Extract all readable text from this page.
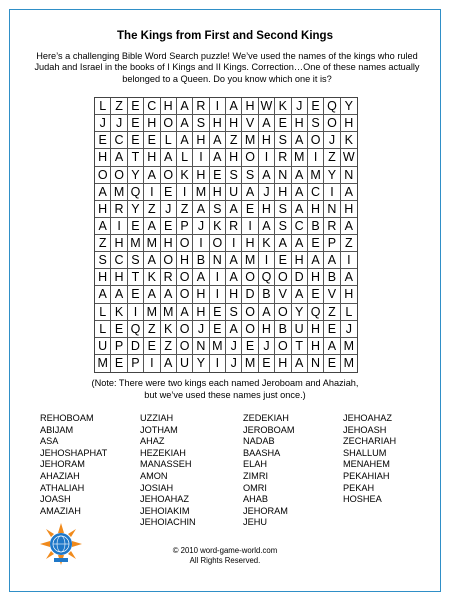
The Kings from First and Second Kings
Here’s a challenging Bible Word Search puzzle! We’ve used the names of the kings who ruled Judah and Israel in the books of I Kings and II Kings. Correction…One of these names actually belonged to a Queen. Do you know which one it is?
L Z E C H A R I A H W K J E Q Y
J J E H O A S H H V A E H S O H
E C E E L A H A Z M H S A O J K
H A T H A L I A H O I R M I Z W
O O Y A O K H E S S A N A M Y N
A M Q I E I M H U A J H A C I A
H R Y Z J Z A S A E H S A H N H
A I E A E P J K R I A S C B R A
Z H M M H O I O I H K A A E P Z
S C S A O H B N A M I E H A A I
H H T K R O A I A O Q O D H B A
A A E A A O H I H D B V A E V H
L K I M M A H E S O A O Y Q Z L
L E Q Z K O J E A O H B U H E J
U P D E Z O N M J E J O T H A M
M E P I A U Y I J M E H A N E M
(Note: There were two kings each named Jeroboam and Ahaziah,
but we’ve used these names just once.)
REHOBOAM
ABIJAM
ASA
JEHOSHAPHAT
JEHORAM
AHAZIAH
ATHALIAH
JOASH
AMAZIAH
UZZIAH
JOTHAM
AHAZ
HEZEKIAH
MANASSEH
AMON
JOSIAH
JEHOAHAZ
JEHOIAKIM
JEHOIACHIN
ZEDEKIAH
JEROBOAM
NADAB
BAASHA
ELAH
ZIMRI
OMRI
AHAB
JEHORAM
JEHU
JEHOAHAZ
JEHOASH
ZECHARIAH
SHALLUM
MENAHEM
PEKAHIAH
PEKAH
HOSHEA
© 2010 word-game-world.com
All Rights Reserved.
